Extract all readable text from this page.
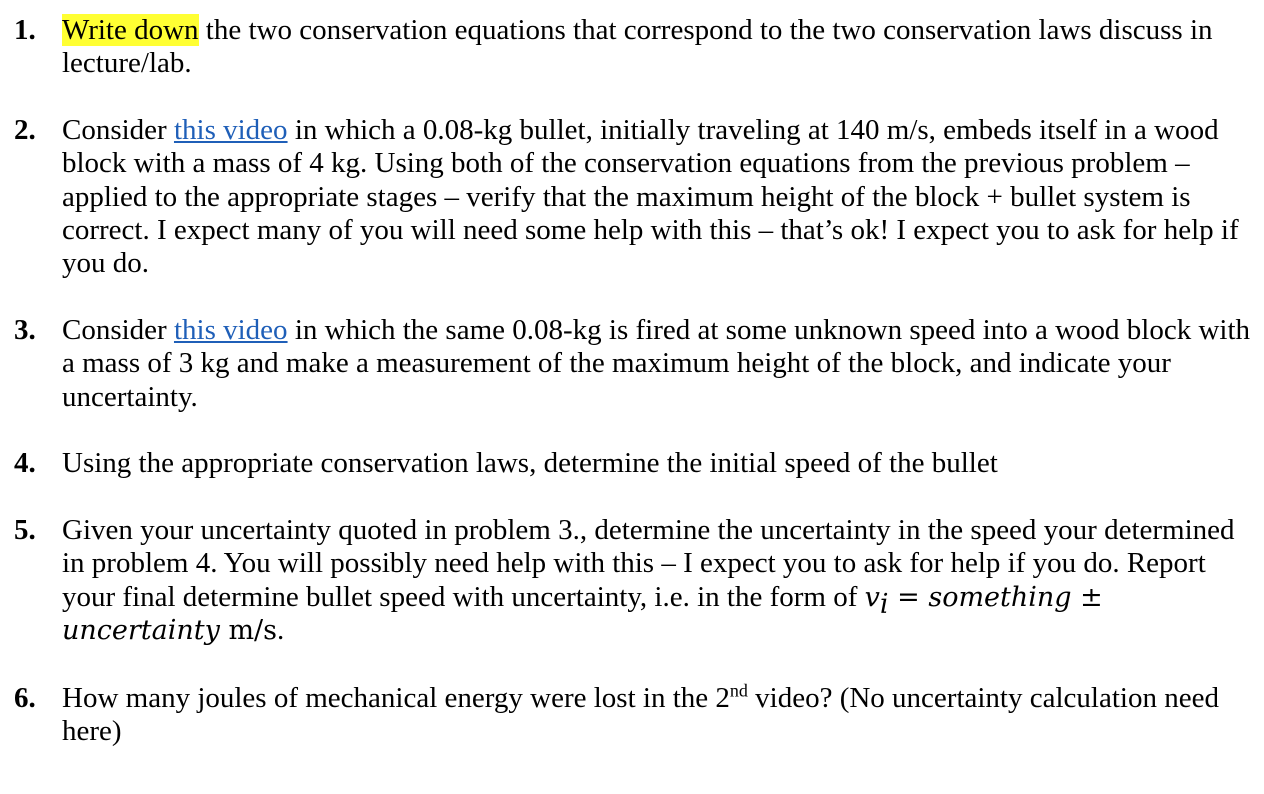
1. Write down the two conservation equations that correspond to the two conservation laws discuss in lecture/lab.
2. Consider this video in which a 0.08-kg bullet, initially traveling at 140 m/s, embeds itself in a wood block with a mass of 4 kg. Using both of the conservation equations from the previous problem – applied to the appropriate stages – verify that the maximum height of the block + bullet system is correct. I expect many of you will need some help with this – that’s ok! I expect you to ask for help if you do.
3. Consider this video in which the same 0.08-kg is fired at some unknown speed into a wood block with a mass of 3 kg and make a measurement of the maximum height of the block, and indicate your uncertainty.
4. Using the appropriate conservation laws, determine the initial speed of the bullet
5. Given your uncertainty quoted in problem 3., determine the uncertainty in the speed your determined in problem 4. You will possibly need help with this – I expect you to ask for help if you do. Report your final determine bullet speed with uncertainty, i.e. in the form of $v_i$ = something ± uncertainty m/s.
6. How many joules of mechanical energy were lost in the 2nd video? (No uncertainty calculation need here)
